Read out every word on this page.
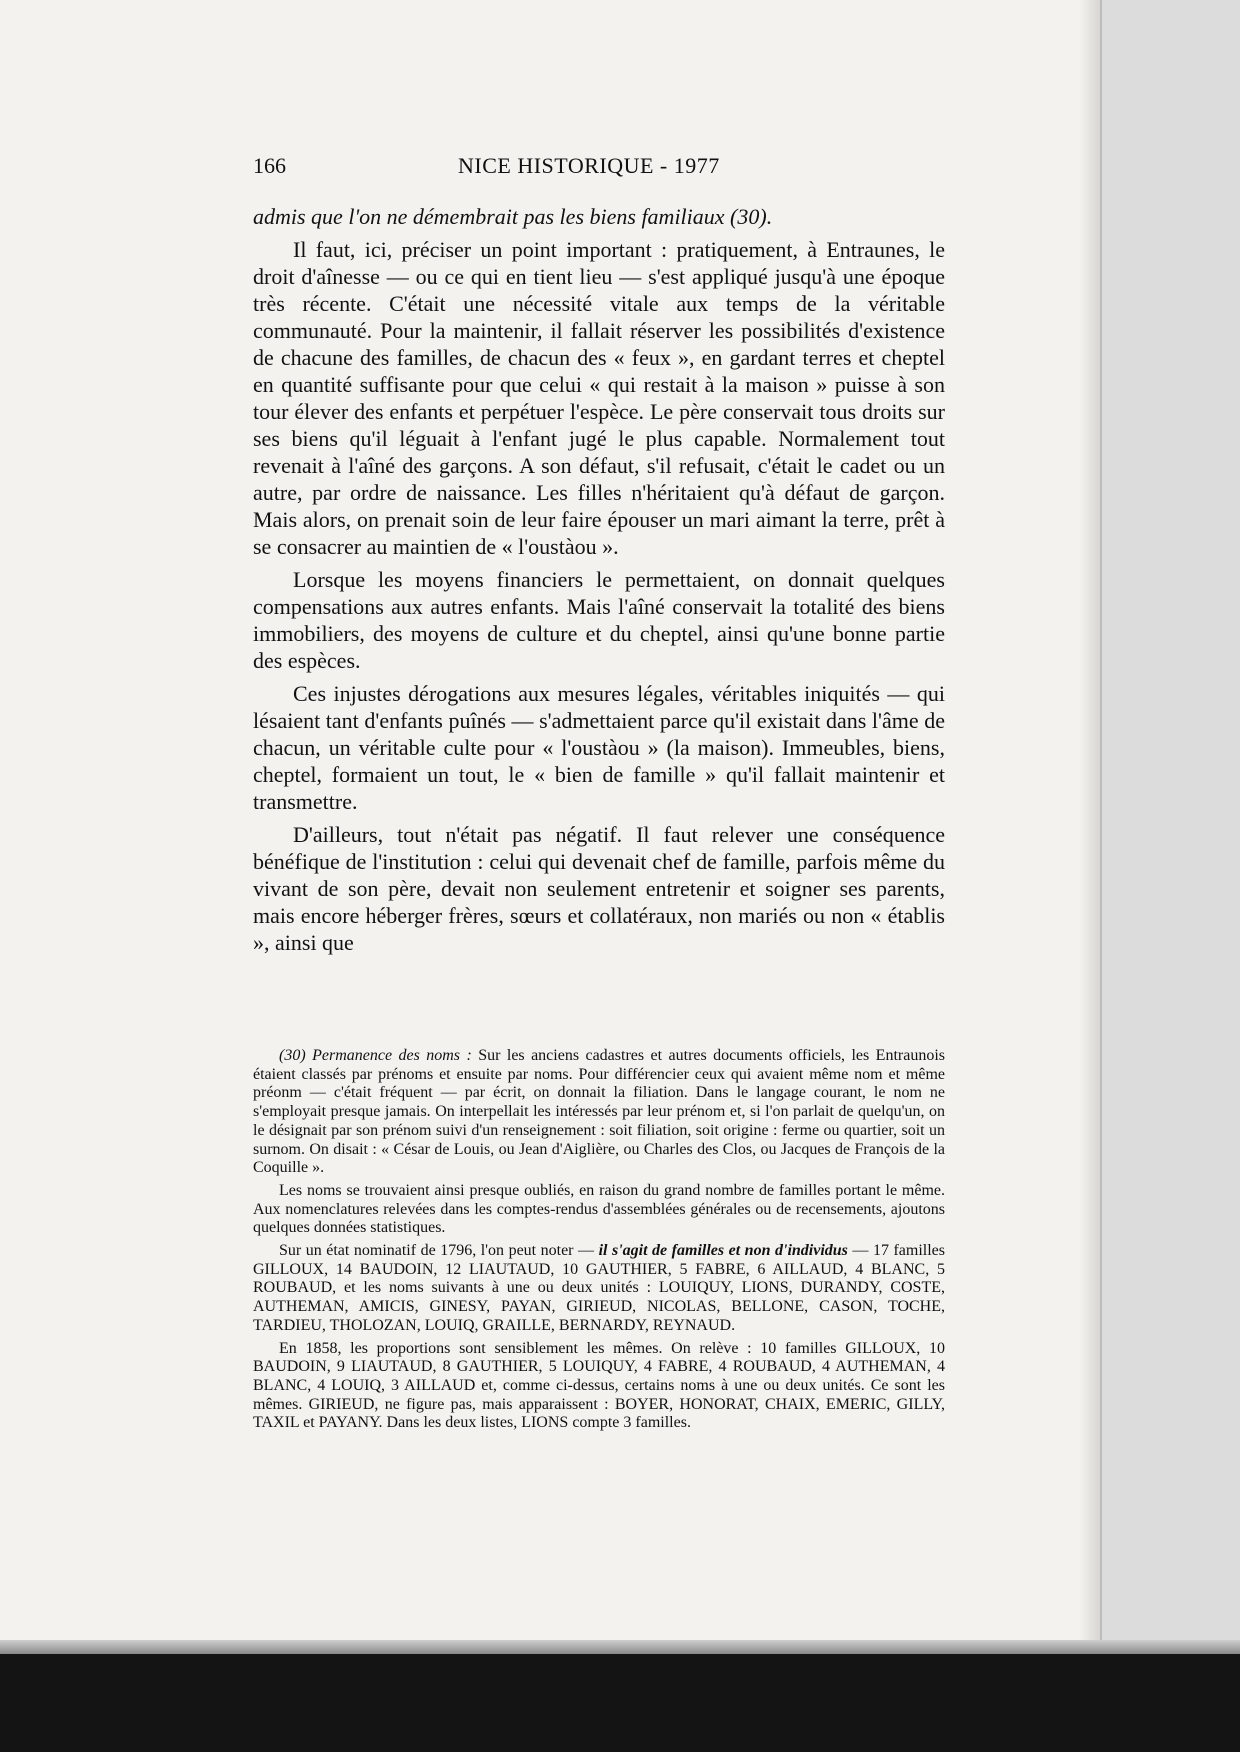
166	NICE HISTORIQUE - 1977

admis que l'on ne démembrait pas les biens familiaux (30).

Il faut, ici, préciser un point important : pratiquement, à Entraunes, le droit d'aînesse — ou ce qui en tient lieu — s'est appliqué jusqu'à une époque très récente. C'était une nécessité vitale aux temps de la véritable communauté. Pour la maintenir, il fallait réserver les possibilités d'existence de chacune des familles, de chacun des « feux », en gardant terres et cheptel en quantité suffisante pour que celui « qui restait à la maison » puisse à son tour élever des enfants et perpétuer l'espèce. Le père conservait tous droits sur ses biens qu'il léguait à l'enfant jugé le plus capable. Normalement tout revenait à l'aîné des garçons. A son défaut, s'il refusait, c'était le cadet ou un autre, par ordre de naissance. Les filles n'héritaient qu'à défaut de garçon. Mais alors, on prenait soin de leur faire épouser un mari aimant la terre, prêt à se consacrer au maintien de « l'oustàou ».

Lorsque les moyens financiers le permettaient, on donnait quelques compensations aux autres enfants. Mais l'aîné conservait la totalité des biens immobiliers, des moyens de culture et du cheptel, ainsi qu'une bonne partie des espèces.

Ces injustes dérogations aux mesures légales, véritables iniquités — qui lésaient tant d'enfants puînés — s'admettaient parce qu'il existait dans l'âme de chacun, un véritable culte pour « l'oustàou » (la maison). Immeubles, biens, cheptel, formaient un tout, le « bien de famille » qu'il fallait maintenir et transmettre.

D'ailleurs, tout n'était pas négatif. Il faut relever une conséquence bénéfique de l'institution : celui qui devenait chef de famille, parfois même du vivant de son père, devait non seulement entretenir et soigner ses parents, mais encore héberger frères, sœurs et collatéraux, non mariés ou non « établis », ainsi que

(30) Permanence des noms : Sur les anciens cadastres et autres documents officiels, les Entraunois étaient classés par prénoms et ensuite par noms. Pour différencier ceux qui avaient même nom et même préonm — c'était fréquent — par écrit, on donnait la filiation. Dans le langage courant, le nom ne s'employait presque jamais. On interpellait les intéressés par leur prénom et, si l'on parlait de quelqu'un, on le désignait par son prénom suivi d'un renseignement : soit filiation, soit origine : ferme ou quartier, soit un surnom. On disait : « César de Louis, ou Jean d'Aiglière, ou Charles des Clos, ou Jacques de François de la Coquille ».

Les noms se trouvaient ainsi presque oubliés, en raison du grand nombre de familles portant le même. Aux nomenclatures relevées dans les comptes-rendus d'assemblées générales ou de recensements, ajoutons quelques données statistiques.

Sur un état nominatif de 1796, l'on peut noter — il s'agit de familles et non d'individus — 17 familles GILLOUX, 14 BAUDOIN, 12 LIAUTAUD, 10 GAUTHIER, 5 FABRE, 6 AILLAUD, 4 BLANC, 5 ROUBAUD, et les noms suivants à une ou deux unités : LOUIQUY, LIONS, DURANDY, COSTE, AUTHEMAN, AMICIS, GINESY, PAYAN, GIRIEUD, NICOLAS, BELLONE, CASON, TOCHE, TARDIEU, THOLOZAN, LOUIQ, GRAILLE, BERNARDY, REYNAUD.

En 1858, les proportions sont sensiblement les mêmes. On relève : 10 familles GILLOUX, 10 BAUDOIN, 9 LIAUTAUD, 8 GAUTHIER, 5 LOUIQUY, 4 FABRE, 4 ROUBAUD, 4 AUTHEMAN, 4 BLANC, 4 LOUIQ, 3 AILLAUD et, comme ci-dessus, certains noms à une ou deux unités. Ce sont les mêmes. GIRIEUD, ne figure pas, mais apparaissent : BOYER, HONORAT, CHAIX, EMERIC, GILLY, TAXIL et PAYANY. Dans les deux listes, LIONS compte 3 familles.
